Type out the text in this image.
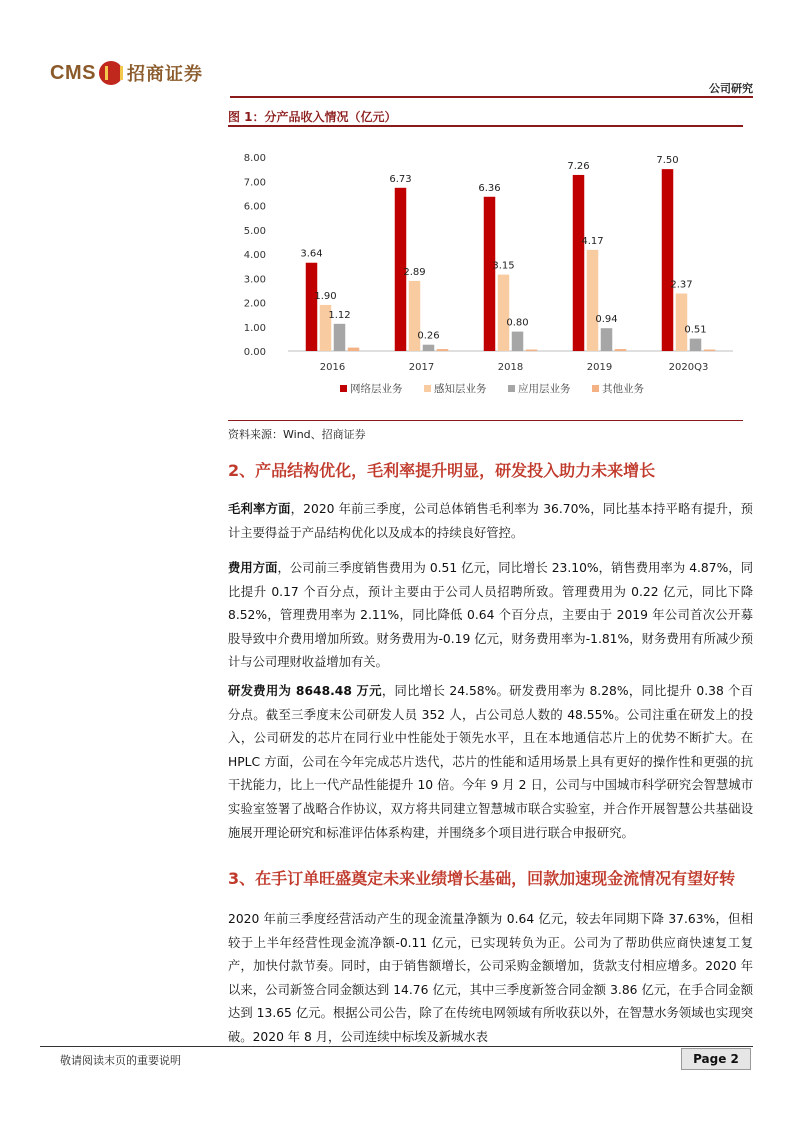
CMS 招商证券
公司研究
图 1：分产品收入情况（亿元）
0.00
1.00
2.00
3.00
4.00
5.00
6.00
7.00
8.00
3.64
1.90
1.12
2016
6.73
2.89
0.26
2017
6.36
3.15
0.80
2018
7.26
4.17
0.94
2019
7.50
2.37
0.51
2020Q3
网络层业务	感知层业务	应用层业务	其他业务
资料来源：Wind、招商证券
2、产品结构优化，毛利率提升明显，研发投入助力未来增长
毛利率方面，2020 年前三季度，公司总体销售毛利率为 36.70%，同比基本持平略有提升，预计主要得益于产品结构优化以及成本的持续良好管控。
费用方面，公司前三季度销售费用为 0.51 亿元，同比增长 23.10%，销售费用率为 4.87%，同比提升 0.17 个百分点，预计主要由于公司人员招聘所致。管理费用为 0.22 亿元，同比下降 8.52%，管理费用率为 2.11%，同比降低 0.64 个百分点，主要由于 2019 年公司首次公开募股导致中介费用增加所致。财务费用为-0.19 亿元，财务费用率为-1.81%，财务费用有所减少预计与公司理财收益增加有关。
研发费用为 8648.48 万元，同比增长 24.58%。研发费用率为 8.28%，同比提升 0.38 个百分点。截至三季度末公司研发人员 352 人，占公司总人数的 48.55%。公司注重在研发上的投入，公司研发的芯片在同行业中性能处于领先水平，且在本地通信芯片上的优势不断扩大。在 HPLC 方面，公司在今年完成芯片迭代，芯片的性能和适用场景上具有更好的操作性和更强的抗干扰能力，比上一代产品性能提升 10 倍。今年 9 月 2 日，公司与中国城市科学研究会智慧城市实验室签署了战略合作协议，双方将共同建立智慧城市联合实验室，并合作开展智慧公共基础设施展开理论研究和标准评估体系构建，并围绕多个项目进行联合申报研究。
3、在手订单旺盛奠定未来业绩增长基础，回款加速现金流情况有望好转
2020 年前三季度经营活动产生的现金流量净额为 0.64 亿元，较去年同期下降 37.63%，但相较于上半年经营性现金流净额-0.11 亿元，已实现转负为正。公司为了帮助供应商快速复工复产，加快付款节奏。同时，由于销售额增长，公司采购金额增加，货款支付相应增多。2020 年以来，公司新签合同金额达到 14.76 亿元，其中三季度新签合同金额 3.86 亿元，在手合同金额达到 13.65 亿元。根据公司公告，除了在传统电网领域有所收获以外，在智慧水务领域也实现突破。2020 年 8 月，公司连续中标埃及新城水表
敬请阅读末页的重要说明	Page 2
